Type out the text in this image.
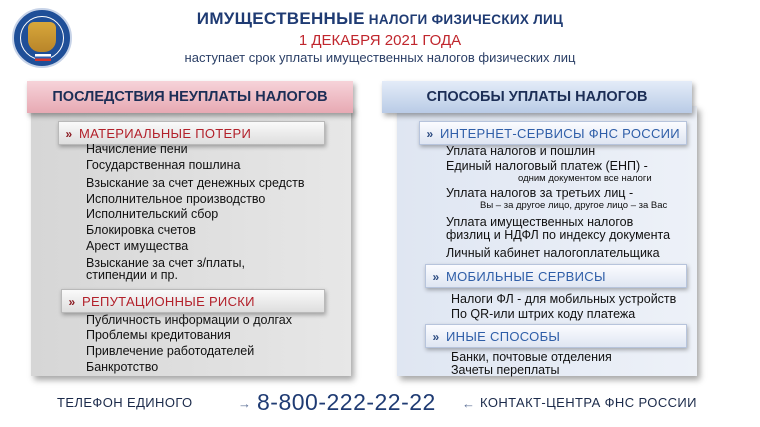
ИМУЩЕСТВЕННЫЕ НАЛОГИ ФИЗИЧЕСКИХ ЛИЦ
1 ДЕКАБРЯ 2021 ГОДА
наступает срок уплаты имущественных налогов физических лиц
ПОСЛЕДСТВИЯ НЕУПЛАТЫ НАЛОГОВ
» МАТЕРИАЛЬНЫЕ ПОТЕРИ
Начисление пени
Государственная пошлина
Взыскание за счет денежных средств
Исполнительное производство
Исполнительский сбор
Блокировка счетов
Арест имущества
Взыскание за счет з/платы,
стипендии и пр.
» РЕПУТАЦИОННЫЕ РИСКИ
Публичность информации о долгах
Проблемы кредитования
Привлечение работодателей
Банкротство
СПОСОБЫ УПЛАТЫ НАЛОГОВ
» ИНТЕРНЕТ-СЕРВИСЫ ФНС РОССИИ
Уплата налогов и пошлин
Единый налоговый платеж (ЕНП) -
одним документом все налоги
Уплата налогов за третьих лиц -
Вы – за другое лицо, другое лицо – за Вас
Уплата имущественных налогов
физлиц и НДФЛ по индексу документа
Личный кабинет налогоплательщика
» МОБИЛЬНЫЕ СЕРВИСЫ
Налоги ФЛ - для мобильных устройств
По QR-или штрих коду платежа
» ИНЫЕ СПОСОБЫ
Банки, почтовые отделения
Зачеты переплаты
ТЕЛЕФОН ЕДИНОГО	→ 8-800-222-22-22 ← КОНТАКТ-ЦЕНТРА ФНС РОССИИ
